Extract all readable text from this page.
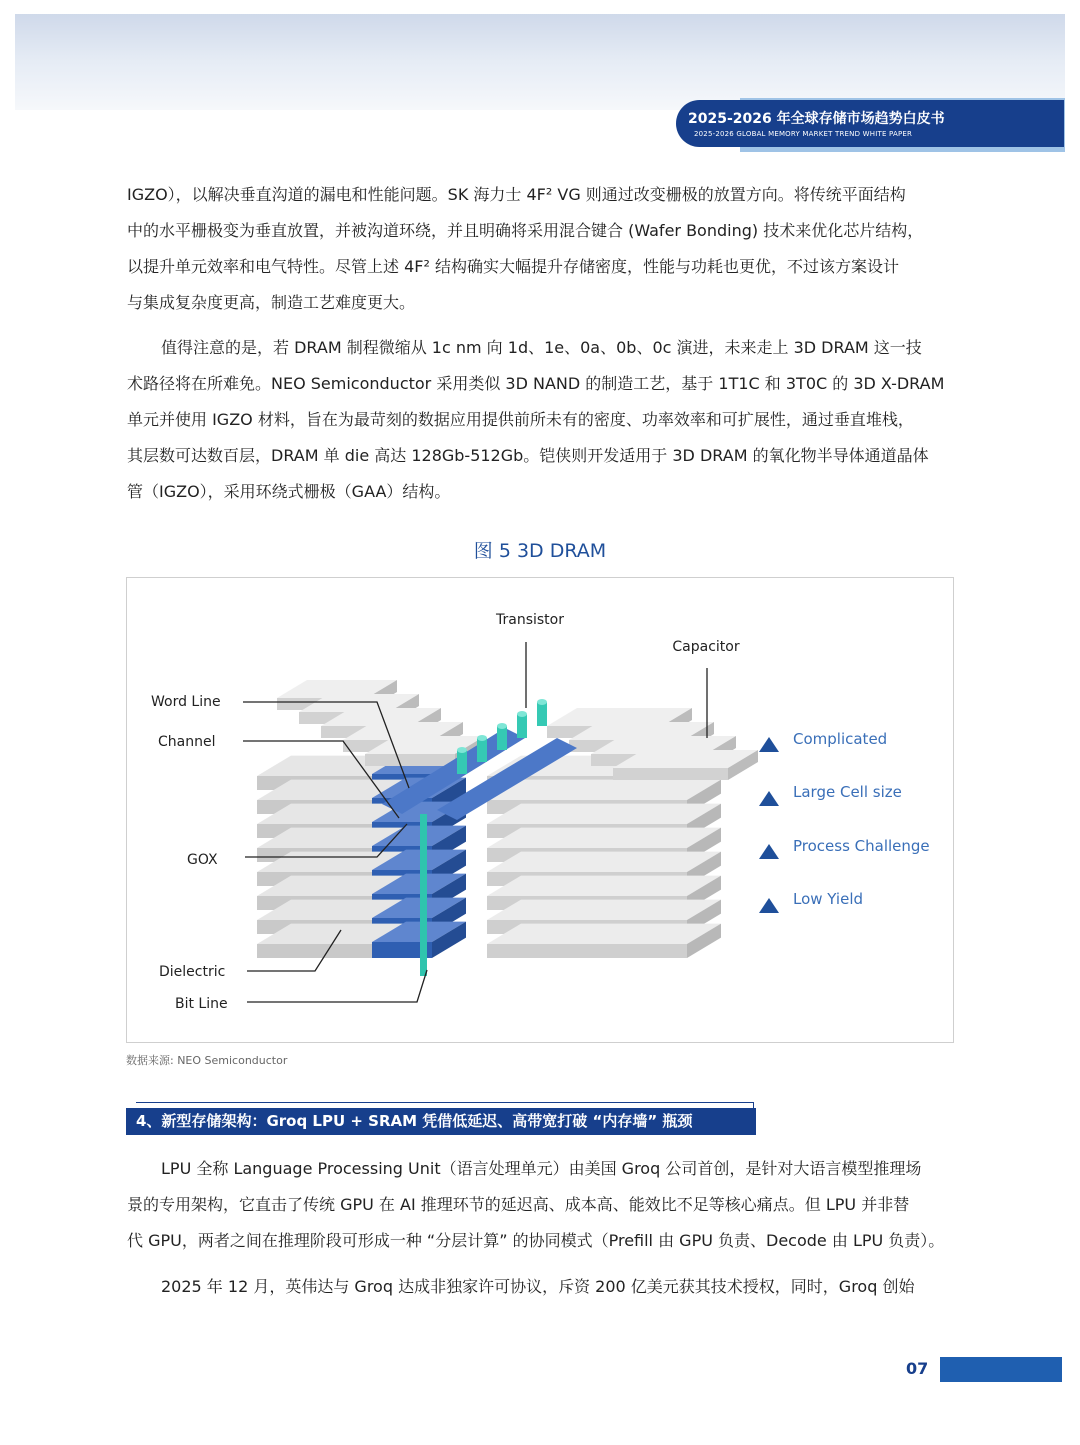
2025-2026 年全球存储市场趋势白皮书
2025-2026 GLOBAL MEMORY MARKET TREND WHITE PAPER
IGZO），以解决垂直沟道的漏电和性能问题。SK 海力士 4F² VG 则通过改变栅极的放置方向。将传统平面结构
中的水平栅极变为垂直放置，并被沟道环绕，并且明确将采用混合键合 (Wafer Bonding) 技术来优化芯片结构，
以提升单元效率和电气特性。尽管上述 4F² 结构确实大幅提升存储密度，性能与功耗也更优，不过该方案设计
与集成复杂度更高，制造工艺难度更大。
值得注意的是，若 DRAM 制程微缩从 1c nm 向 1d、1e、0a、0b、0c 演进，未来走上 3D DRAM 这一技
术路径将在所难免。NEO Semiconductor 采用类似 3D NAND 的制造工艺，基于 1T1C 和 3T0C 的 3D X-DRAM
单元并使用 IGZO 材料，旨在为最苛刻的数据应用提供前所未有的密度、功率效率和可扩展性，通过垂直堆栈，
其层数可达数百层，DRAM 单 die 高达 128Gb-512Gb。铠侠则开发适用于 3D DRAM 的氧化物半导体通道晶体
管（IGZO），采用环绕式栅极（GAA）结构。
图 5 3D DRAM
Transistor
Capacitor
Word Line
Channel
GOX
Dielectric
Bit Line
Complicated
Large Cell size
Process Challenge
Low Yield
数据来源: NEO Semiconductor
4、新型存储架构：Groq LPU + SRAM 凭借低延迟、高带宽打破 “内存墙” 瓶颈
LPU 全称 Language Processing Unit（语言处理单元）由美国 Groq 公司首创，是针对大语言模型推理场
景的专用架构，它直击了传统 GPU 在 AI 推理环节的延迟高、成本高、能效比不足等核心痛点。但 LPU 并非替
代 GPU，两者之间在推理阶段可形成一种 “分层计算” 的协同模式（Prefill 由 GPU 负责、Decode 由 LPU 负责）。
2025 年 12 月，英伟达与 Groq 达成非独家许可协议，斥资 200 亿美元获其技术授权，同时，Groq 创始
07
